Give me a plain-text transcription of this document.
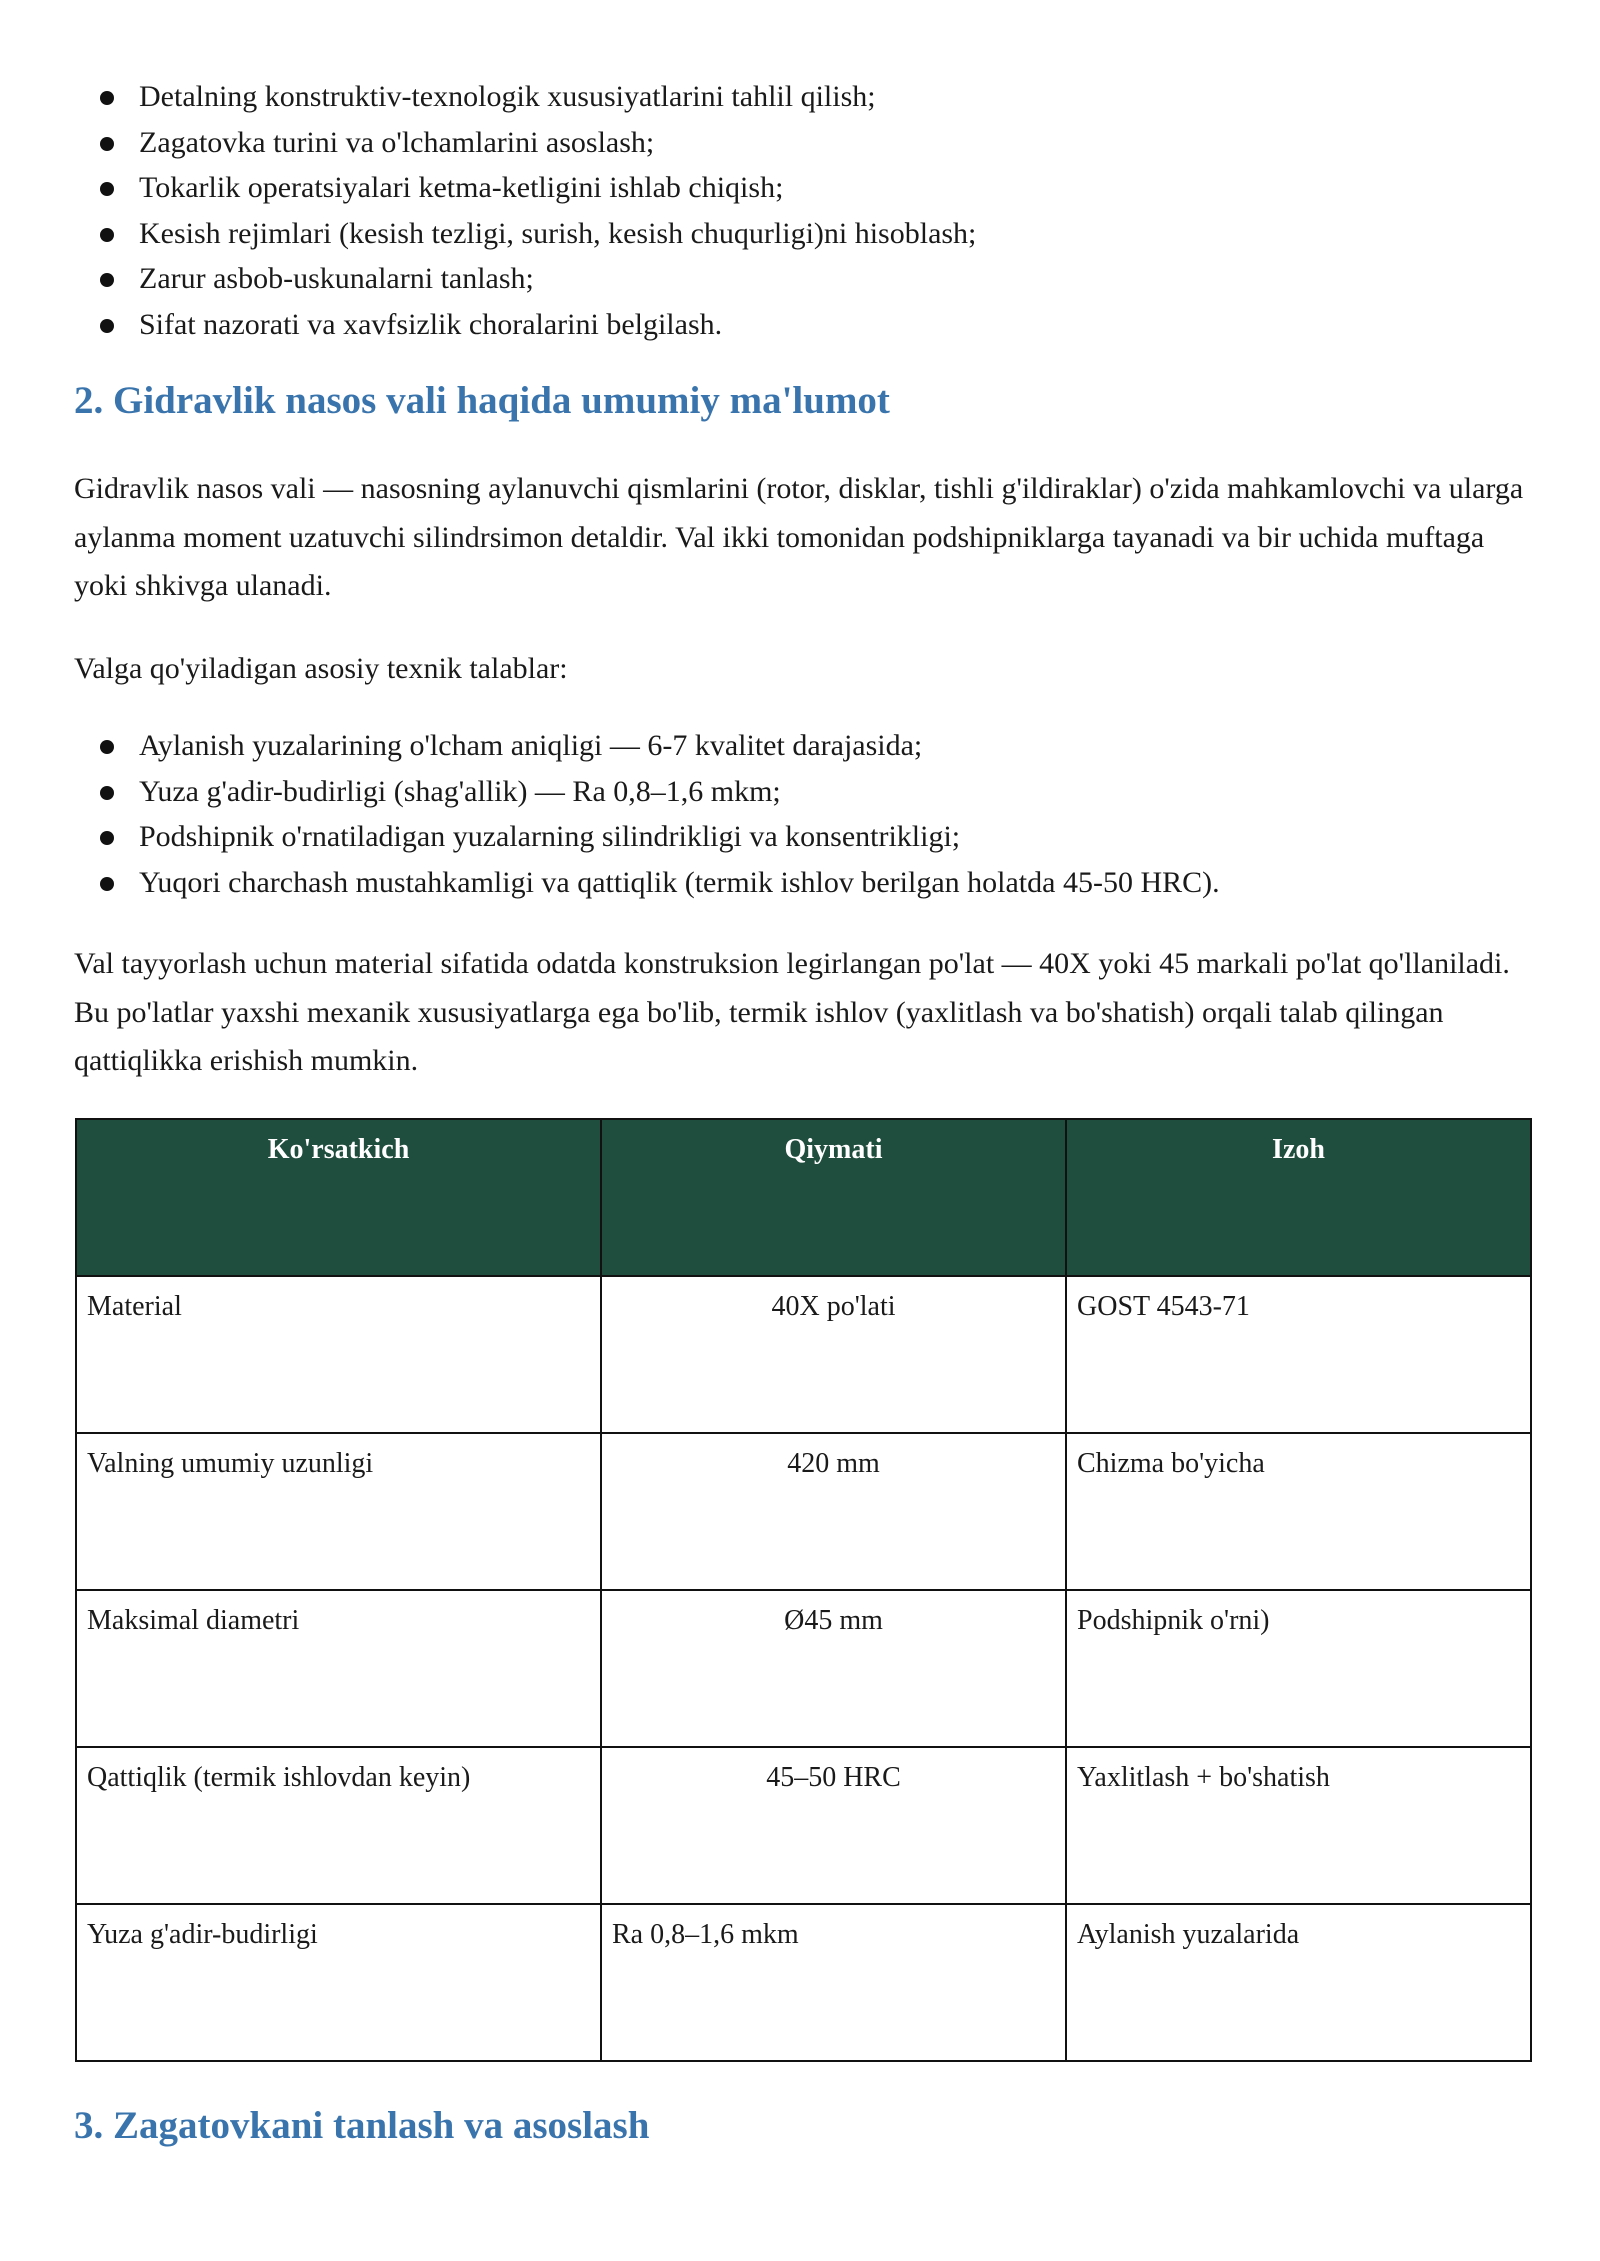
Detalning konstruktiv-texnologik xususiyatlarini tahlil qilish;
Zagatovka turini va o'lchamlarini asoslash;
Tokarlik operatsiyalari ketma-ketligini ishlab chiqish;
Kesish rejimlari (kesish tezligi, surish, kesish chuqurligi)ni hisoblash;
Zarur asbob-uskunalarni tanlash;
Sifat nazorati va xavfsizlik choralarini belgilash.
2. Gidravlik nasos vali haqida umumiy ma'lumot

Gidravlik nasos vali — nasosning aylanuvchi qismlarini (rotor, disklar, tishli g'ildiraklar) o'zida mahkamlovchi va ularga aylanma moment uzatuvchi silindrsimon detaldir. Val ikki tomonidan podshipniklarga tayanadi va bir uchida muftaga yoki shkivga ulanadi.

Valga qo'yiladigan asosiy texnik talablar:

Aylanish yuzalarining o'lcham aniqligi — 6-7 kvalitet darajasida;
Yuza g'adir-budirligi (shag'allik) — Ra 0,8–1,6 mkm;
Podshipnik o'rnatiladigan yuzalarning silindrikligi va konsentrikligi;
Yuqori charchash mustahkamligi va qattiqlik (termik ishlov berilgan holatda 45-50 HRC).

Val tayyorlash uchun material sifatida odatda konstruksion legirlangan po'lat — 40X yoki 45 markali po'lat qo'llaniladi. Bu po'latlar yaxshi mexanik xususiyatlarga ega bo'lib, termik ishlov (yaxlitlash va bo'shatish) orqali talab qilingan qattiqlikka erishish mumkin.

Ko'rsatkich	Qiymati	Izoh
Material	40X po'lati	GOST 4543-71
Valning umumiy uzunligi	420 mm	Chizma bo'yicha
Maksimal diametri	Ø45 mm	Podshipnik o'rni)
Qattiqlik (termik ishlovdan keyin)	45–50 HRC	Yaxlitlash + bo'shatish
Yuza g'adir-budirligi	Ra 0,8–1,6 mkm	Aylanish yuzalarida
3. Zagatovkani tanlash va asoslash
